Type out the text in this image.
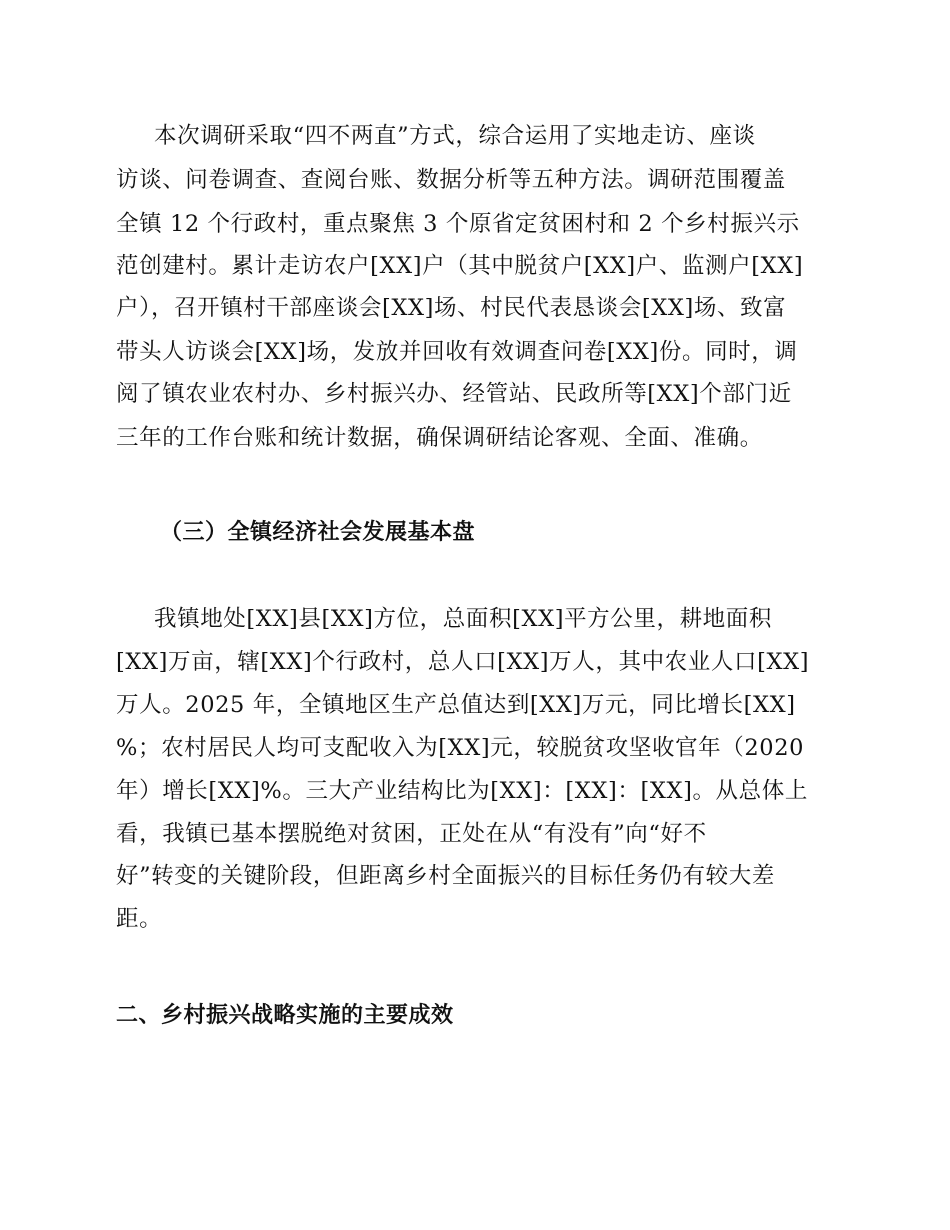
本次调研采取“四不两直”方式，综合运用了实地走访、座谈
访谈、问卷调查、查阅台账、数据分析等五种方法。调研范围覆盖
全镇 12 个行政村，重点聚焦 3 个原省定贫困村和 2 个乡村振兴示
范创建村。累计走访农户[XX]户（其中脱贫户[XX]户、监测户[XX]
户），召开镇村干部座谈会[XX]场、村民代表恳谈会[XX]场、致富
带头人访谈会[XX]场，发放并回收有效调查问卷[XX]份。同时，调
阅了镇农业农村办、乡村振兴办、经管站、民政所等[XX]个部门近
三年的工作台账和统计数据，确保调研结论客观、全面、准确。
（三）全镇经济社会发展基本盘
我镇地处[XX]县[XX]方位，总面积[XX]平方公里，耕地面积
[XX]万亩，辖[XX]个行政村，总人口[XX]万人，其中农业人口[XX]
万人。2025 年，全镇地区生产总值达到[XX]万元，同比增长[XX]
%；农村居民人均可支配收入为[XX]元，较脱贫攻坚收官年（2020
年）增长[XX]%。三大产业结构比为[XX]：[XX]：[XX]。从总体上
看，我镇已基本摆脱绝对贫困，正处在从“有没有”向“好不
好”转变的关键阶段，但距离乡村全面振兴的目标任务仍有较大差
距。
二、乡村振兴战略实施的主要成效
